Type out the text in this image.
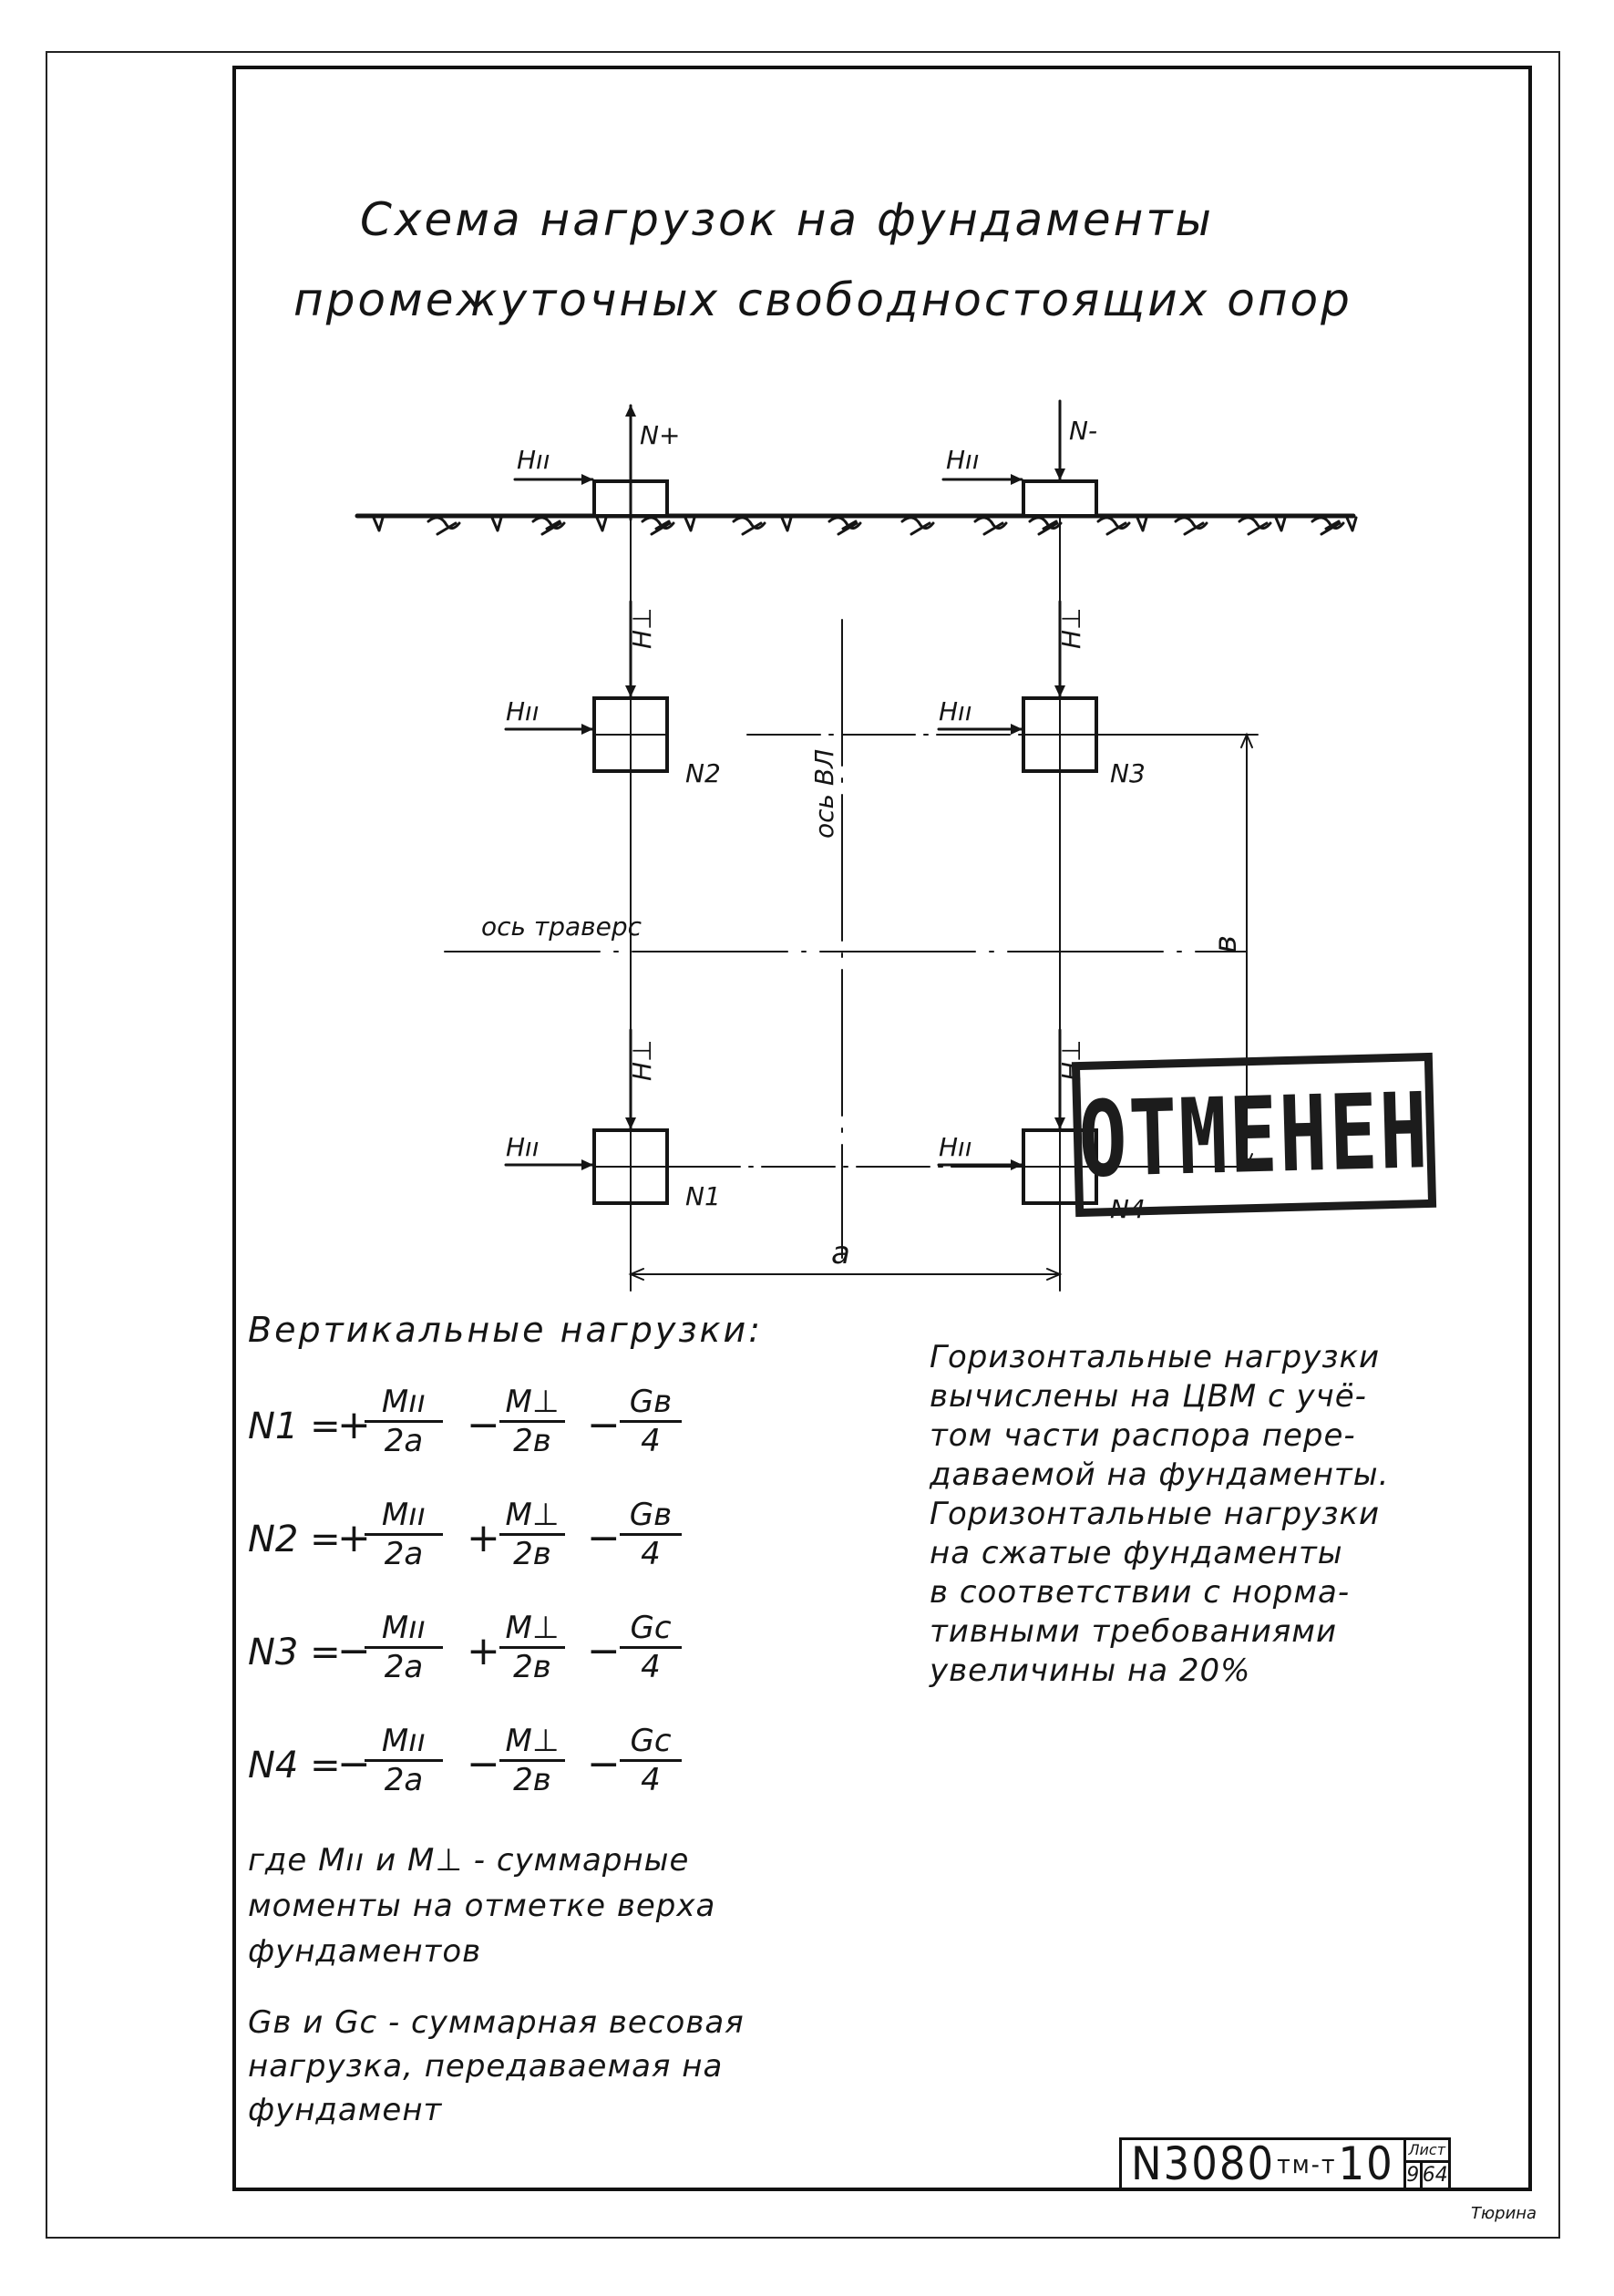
Схема нагрузок на фундаменты
промежуточных свободностоящих опор
Hıı
N+
Hıı
N-
H⊥	H⊥
H⊥	H⊥
Hıı	Hıı
Hıı	Hıı
N2	N3
N1	N4
ось ВЛ
ось траверс
a
в
Вертикальные нагрузки:
N1 =
+ Mıı
2a	− M⊥
2в − Gв
4
N2 =
+ Mıı
2a	+ M⊥
2в − Gв
4
N3 =
− Mıı
2a	+ M⊥
$2в - \frac{Gc}{4}$
N4 =
− Mıı
2a	− M⊥
$2в - \frac{Gc}{4}$
где Mıı и M⊥ - суммарные
моменты на отметке верха
фундаментов
Gв и Gc - суммарная весовая
нагрузка, передаваемая на
фундамент
Горизонтальные нагрузки
вычислены на ЦВМ с учё-
том части распора пере-
даваемой на фундаменты.
Горизонтальные нагрузки
на сжатые фундаменты
в соответствии с норма-
тивными требованиями
увеличины на 20%
ОТМЕНЕН
N3080 тм-т 10 Лист
9 64
Тюрина
